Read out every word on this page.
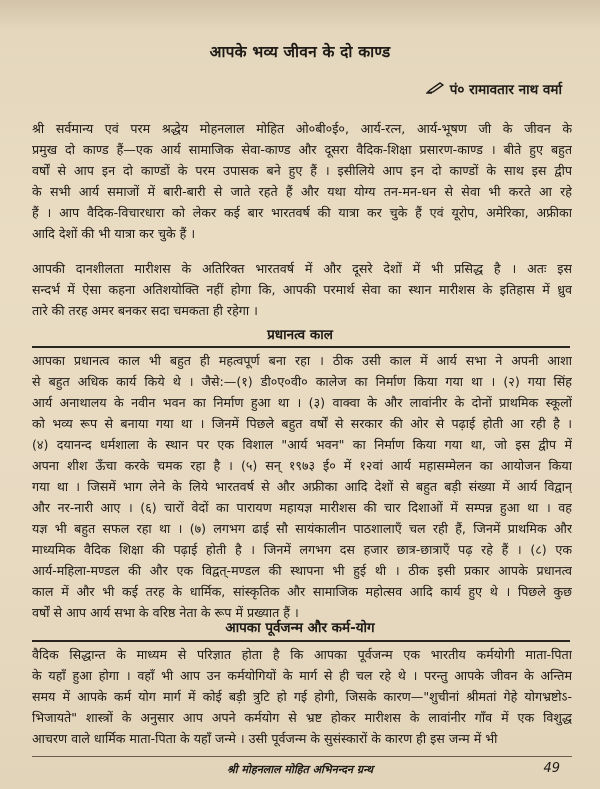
आपके भव्य जीवन के दो काण्ड
पं० रामावतार नाथ वर्मा

श्री सर्वमान्य एवं परम श्रद्धेय मोहनलाल मोहित ओ०बी०ई०, आर्य-रत्न, आर्य-भूषण जी के जीवन के
प्रमुख दो काण्ड हैं—एक आर्य सामाजिक सेवा-काण्ड और दूसरा वैदिक-शिक्षा प्रसारण-काण्ड । बीते हुए बहुत
वर्षों से आप इन दो काण्डों के परम उपासक बने हुए हैं । इसीलिये आप इन दो काण्डों के साथ इस द्वीप
के सभी आर्य समाजों में बारी-बारी से जाते रहते हैं और यथा योग्य तन-मन-धन से सेवा भी करते आ रहे
हैं । आप वैदिक-विचारधारा को लेकर कई बार भारतवर्ष की यात्रा कर चुके हैं एवं यूरोप, अमेरिका, अफ्रीका
आदि देशों की भी यात्रा कर चुके हैं ।

आपकी दानशीलता मारीशस के अतिरिक्त भारतवर्ष में और दूसरे देशों में भी प्रसिद्ध है । अतः इस
सन्दर्भ में ऐसा कहना अतिशयोक्ति नहीं होगा कि, आपकी परमार्थ सेवा का स्थान मारीशस के इतिहास में ध्रुव
तारे की तरह अमर बनकर सदा चमकता ही रहेगा ।

प्रधानत्व काल

आपका प्रधानत्व काल भी बहुत ही महत्वपूर्ण बना रहा । ठीक उसी काल में आर्य सभा ने अपनी आशा
से बहुत अधिक कार्य किये थे । जैसे:—(१) डी०ए०वी० कालेज का निर्माण किया गया था । (२) गया सिंह
आर्य अनाथालय के नवीन भवन का निर्माण हुआ था । (३) वाक्वा के और लावांनीर के दोनों प्राथमिक स्कूलों
को भव्य रूप से बनाया गया था । जिनमें पिछले बहुत वर्षों से सरकार की ओर से पढ़ाई होती आ रही है ।
(४) दयानन्द धर्मशाला के स्थान पर एक विशाल "आर्य भवन" का निर्माण किया गया था, जो इस द्वीप में
अपना शीश ऊँचा करके चमक रहा है । (५) सन् १९७३ ई० में १२वां आर्य महासम्मेलन का आयोजन किया
गया था । जिसमें भाग लेने के लिये भारतवर्ष से और अफ्रीका आदि देशों से बहुत बड़ी संख्या में आर्य विद्वान्
और नर-नारी आए । (६) चारों वेदों का पारायण महायज्ञ मारीशस की चार दिशाओं में सम्पन्न हुआ था । वह
यज्ञ भी बहुत सफल रहा था । (७) लगभग ढाई सौ सायंकालीन पाठशालाएँ चल रही हैं, जिनमें प्राथमिक और
माध्यमिक वैदिक शिक्षा की पढ़ाई होती है । जिनमें लगभग दस हजार छात्र-छात्राएँ पढ़ रहे हैं । (८) एक
आर्य-महिला-मण्डल की और एक विद्वत्-मण्डल की स्थापना भी हुई थी । ठीक इसी प्रकार आपके प्रधानत्व
काल में और भी कई तरह के धार्मिक, सांस्कृतिक और सामाजिक महोत्सव आदि कार्य हुए थे । पिछले कुछ
वर्षों से आप आर्य सभा के वरिष्ठ नेता के रूप में प्रख्यात हैं ।

आपका पूर्वजन्म और कर्म-योग

वैदिक सिद्धान्त के माध्यम से परिज्ञात होता है कि आपका पूर्वजन्म एक भारतीय कर्मयोगी माता-पिता
के यहाँ हुआ होगा । वहाँ भी आप उन कर्मयोगियों के मार्ग से ही चल रहे थे । परन्तु आपके जीवन के अन्तिम
समय में आपके कर्म योग मार्ग में कोई बड़ी त्रुटि हो गई होगी, जिसके कारण—"शुचीनां श्रीमतां गेहे योगभ्रष्टोऽ-
भिजायते" शास्त्रों के अनुसार आप अपने कर्मयोग से भ्रष्ट होकर मारीशस के लावांनीर गाँव में एक विशुद्ध
आचरण वाले धार्मिक माता-पिता के यहाँ जन्मे । उसी पूर्वजन्म के सुसंस्कारों के कारण ही इस जन्म में भी

श्री मोहनलाल मोहित अभिनन्दन ग्रन्थ	49
